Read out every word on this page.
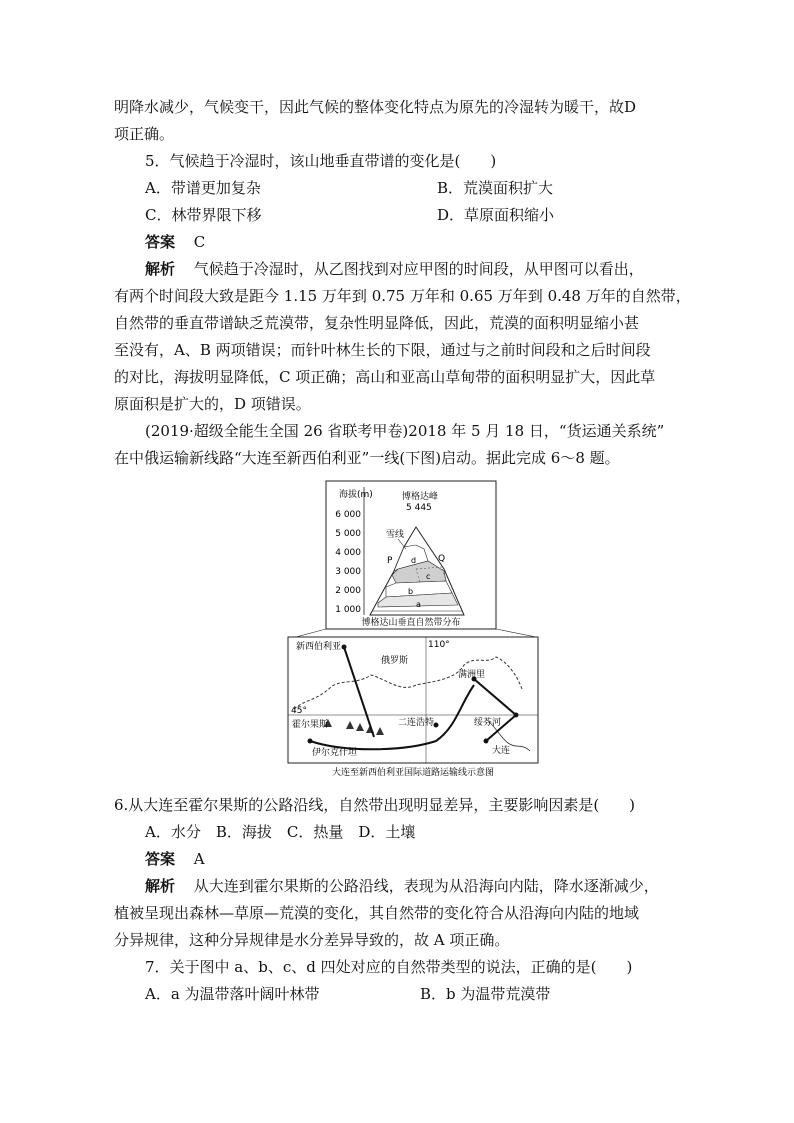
明降水减少，气候变干，因此气候的整体变化特点为原先的冷湿转为暖干，故D
项正确。
5．气候趋于冷湿时，该山地垂直带谱的变化是(　　)
A．带谱更加复杂	B．荒漠面积扩大
C．林带界限下移	D．草原面积缩小
答案 C
解析 气候趋于冷湿时，从乙图找到对应甲图的时间段，从甲图可以看出，
有两个时间段大致是距今 1.15 万年到 0.75 万年和 0.65 万年到 0.48 万年的自然带，
自然带的垂直带谱缺乏荒漠带，复杂性明显降低，因此，荒漠的面积明显缩小甚
至没有，A、B 两项错误；而针叶林生长的下限，通过与之前时间段和之后时间段
的对比，海拔明显降低，C 项正确；高山和亚高山草甸带的面积明显扩大，因此草
原面积是扩大的，D 项错误。
(2019·超级全能生全国 26 省联考甲卷)2018 年 5 月 18 日，“货运通关系统”
在中俄运输新线路“大连至新西伯利亚”一线(下图)启动。据此完成 6～8 题。
海拔(m)
6 000
5 000
4 000
3 000
2 000
1 000
博格达峰
5 445
雪线
P	Q
d
c
b
a
博格达山垂直自然带分布
新西伯利亚
俄罗斯
110°
满洲里
45°
霍尔果斯	二连浩特	绥芬河
伊尔克什坦	大连
大连至新西伯利亚国际道路运输线示意图
6.从大连至霍尔果斯的公路沿线，自然带出现明显差异，主要影响因素是(　　)
A．水分　B．海拔　C．热量　D．土壤
答案 A
解析 从大连到霍尔果斯的公路沿线，表现为从沿海向内陆，降水逐渐减少，
植被呈现出森林—草原—荒漠的变化，其自然带的变化符合从沿海向内陆的地域
分异规律，这种分异规律是水分差异导致的，故 A 项正确。
7．关于图中 a、b、c、d 四处对应的自然带类型的说法，正确的是(　　)
A．a 为温带落叶阔叶林带	B．b 为温带荒漠带
